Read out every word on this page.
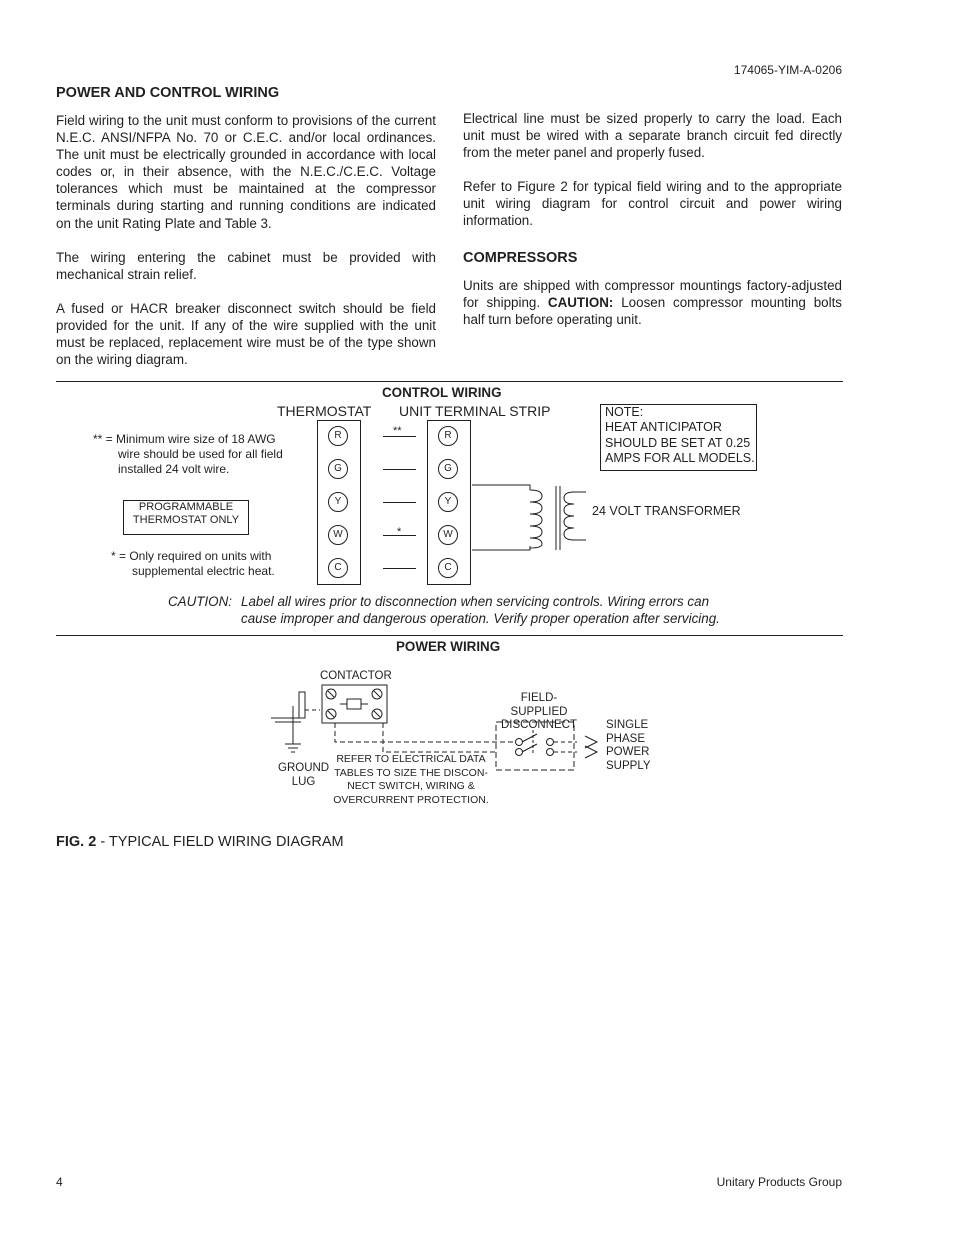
174065-YIM-A-0206
POWER AND CONTROL WIRING

Field wiring to the unit must conform to provisions of the current N.E.C. ANSI/NFPA No. 70 or C.E.C. and/or local ordinances. The unit must be electrically grounded in accordance with local codes or, in their absence, with the N.E.C./C.E.C. Voltage tolerances which must be maintained at the compressor terminals during starting and running conditions are indicated on the unit Rating Plate and Table 3.

The wiring entering the cabinet must be provided with mechanical strain relief.

A fused or HACR breaker disconnect switch should be field provided for the unit. If any of the wire supplied with the unit must be replaced, replacement wire must be of the type shown on the wiring diagram.

Electrical line must be sized properly to carry the load. Each unit must be wired with a separate branch circuit fed directly from the meter panel and properly fused.

Refer to Figure 2 for typical field wiring and to the appropriate unit wiring diagram for control circuit and power wiring information.

COMPRESSORS

Units are shipped with compressor mountings factory-adjusted for shipping. CAUTION: Loosen compressor mounting bolts half turn before operating unit.

CONTROL WIRING
THERMOSTAT UNIT TERMINAL STRIP	NOTE:
HEAT ANTICIPATOR
SHOULD BE SET AT 0.25
AMPS FOR ALL MODELS.
** = Minimum wire size of 18 AWG
wire should be used for all field
installed 24 volt wire.
PROGRAMMABLE
THERMOSTAT ONLY
* = Only required on units with
supplemental electric heat.
R
G
Y
W
C
R
G
Y
W
C
**
*
24 VOLT TRANSFORMER
CAUTION: Label all wires prior to disconnection when servicing controls. Wiring errors can
cause improper and dangerous operation. Verify proper operation after servicing.
POWER WIRING
CONTACTOR
GROUND
LUG
FIELD-SUPPLIED
DISCONNECT	SINGLE
PHASE
POWER
SUPPLY
REFER TO ELECTRICAL DATA
TABLES TO SIZE THE DISCON-
NECT SWITCH, WIRING &
OVERCURRENT PROTECTION.
FIG. 2 - TYPICAL FIELD WIRING DIAGRAM
4	Unitary Products Group
